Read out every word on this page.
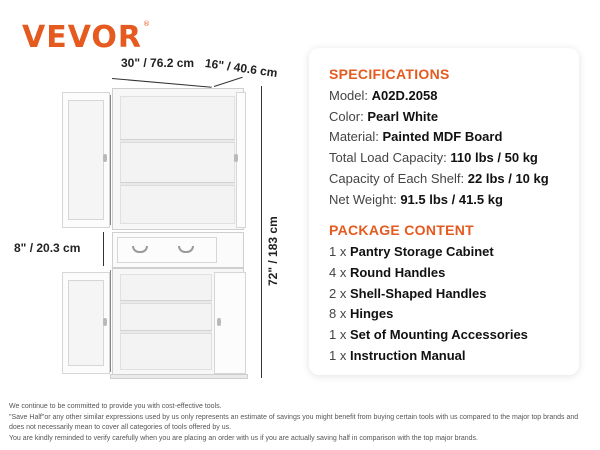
VEVOR®
30" / 76.2 cm 16" / 40.6 cm
72" / 183 cm
8" / 20.3 cm
SPECIFICATIONS
Model: A02D.2058
Color: Pearl White
Material: Painted MDF Board
Total Load Capacity: 110 lbs / 50 kg
Capacity of Each Shelf: 22 lbs / 10 kg
Net Weight: 91.5 lbs / 41.5 kg
PACKAGE CONTENT
1 x Pantry Storage Cabinet
4 x Round Handles
2 x Shell-Shaped Handles
8 x Hinges
1 x Set of Mounting Accessories
1 x Instruction Manual
We continue to be committed to provide you with cost-effective tools.
"Save Half"or any other similar expressions used by us only represents an estimate of savings you might benefit from buying certain tools with us compared to the major top brands and does not necessarily mean to cover all categories of tools offered by us.
You are kindly reminded to verify carefully when you are placing an order with us if you are actually saving half in comparison with the top major brands.
